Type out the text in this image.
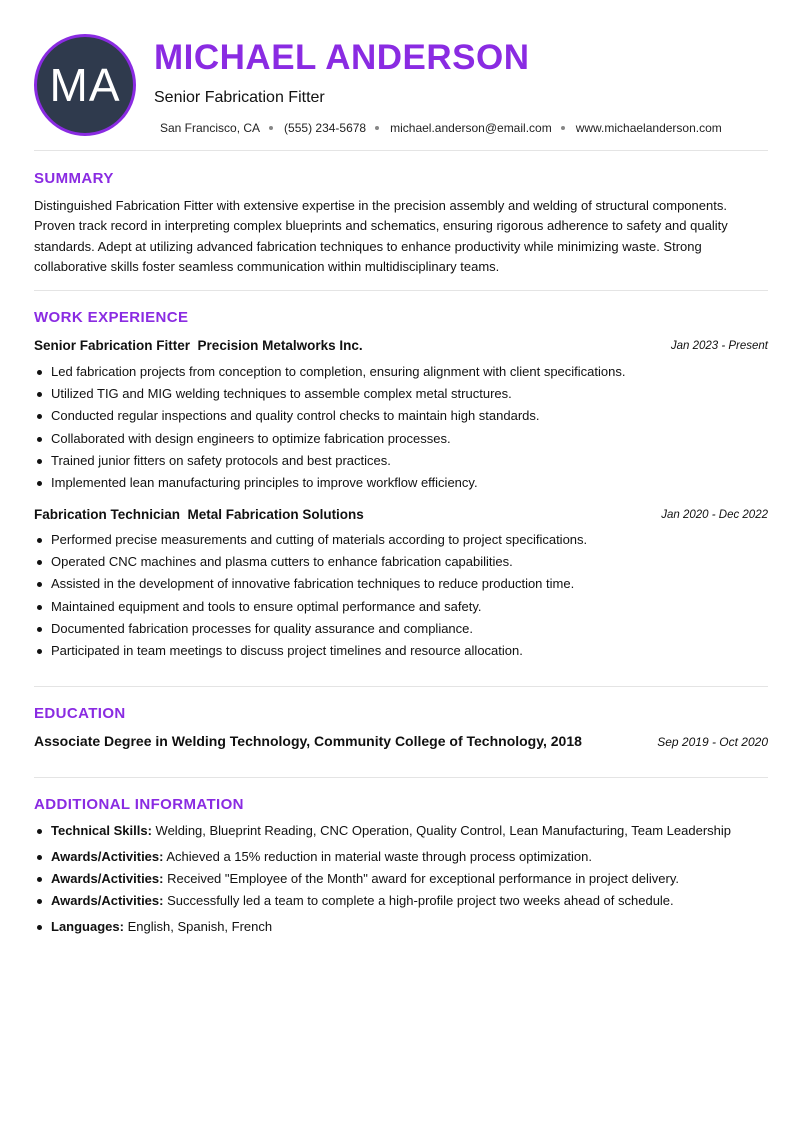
MA
MICHAEL ANDERSON
Senior Fabrication Fitter
San Francisco, CA (555) 234-5678 michael.anderson@email.com www.michaelanderson.com
SUMMARY
Distinguished Fabrication Fitter with extensive expertise in the precision assembly and welding of structural components. Proven track record in interpreting complex blueprints and schematics, ensuring rigorous adherence to safety and quality standards. Adept at utilizing advanced fabrication techniques to enhance productivity while minimizing waste. Strong collaborative skills foster seamless communication within multidisciplinary teams.
WORK EXPERIENCE
Senior Fabrication Fitter Precision Metalworks Inc.	Jan 2023 - Present
Led fabrication projects from conception to completion, ensuring alignment with client specifications.
Utilized TIG and MIG welding techniques to assemble complex metal structures.
Conducted regular inspections and quality control checks to maintain high standards.
Collaborated with design engineers to optimize fabrication processes.
Trained junior fitters on safety protocols and best practices.
Implemented lean manufacturing principles to improve workflow efficiency.
Fabrication Technician Metal Fabrication Solutions	Jan 2020 - Dec 2022
Performed precise measurements and cutting of materials according to project specifications.
Operated CNC machines and plasma cutters to enhance fabrication capabilities.
Assisted in the development of innovative fabrication techniques to reduce production time.
Maintained equipment and tools to ensure optimal performance and safety.
Documented fabrication processes for quality assurance and compliance.
Participated in team meetings to discuss project timelines and resource allocation.
EDUCATION
Associate Degree in Welding Technology, Community College of Technology, 2018	Sep 2019 - Oct 2020
ADDITIONAL INFORMATION
Technical Skills: Welding, Blueprint Reading, CNC Operation, Quality Control, Lean Manufacturing, Team Leadership
Awards/Activities: Achieved a 15% reduction in material waste through process optimization.
Awards/Activities: Received "Employee of the Month" award for exceptional performance in project delivery.
Awards/Activities: Successfully led a team to complete a high-profile project two weeks ahead of schedule.
Languages: English, Spanish, French
